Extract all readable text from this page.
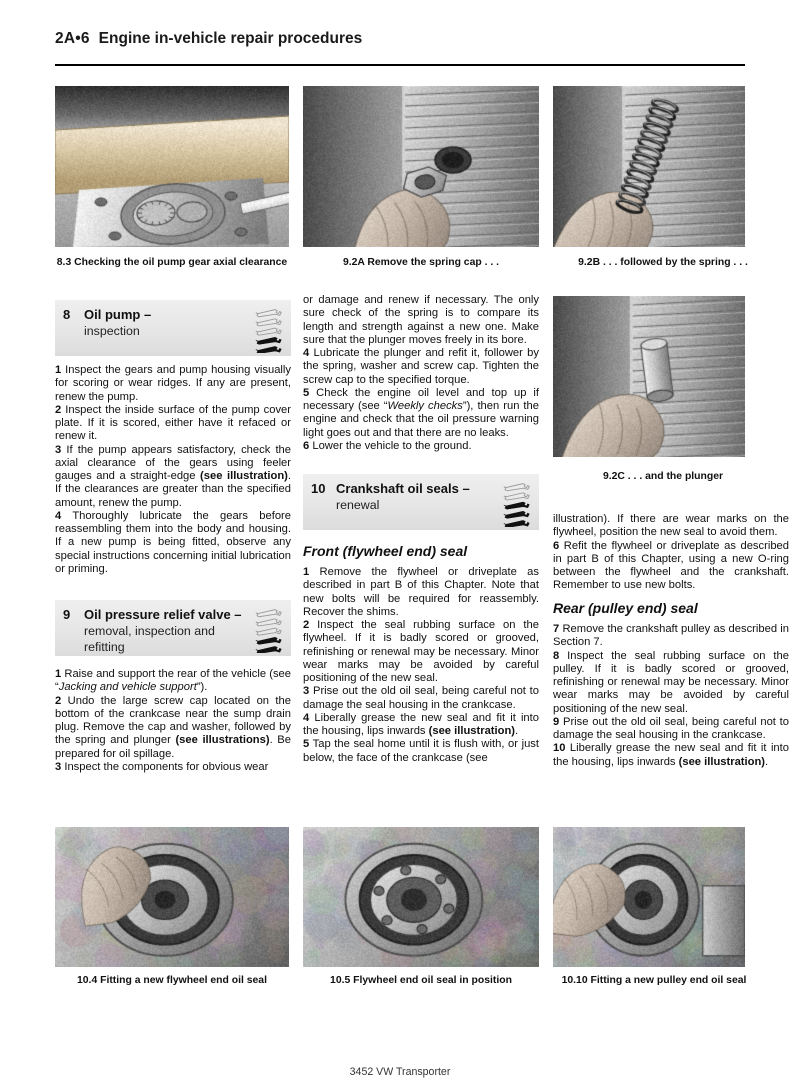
2A•6 Engine in-vehicle repair procedures
8.3 Checking the oil pump gear axial clearance	9.2A Remove the spring cap . . .	9.2B . . . followed by the spring . . .
8	Oil pump –
inspection

1 Inspect the gears and pump housing visually for scoring or wear ridges. If any are present, renew the pump.

2 Inspect the inside surface of the pump cover plate. If it is scored, either have it refaced or renew it.

3 If the pump appears satisfactory, check the axial clearance of the gears using feeler gauges and a straight-edge (see illustration). If the clearances are greater than the specified amount, renew the pump.

4 Thoroughly lubricate the gears before reassembling them into the body and housing. If a new pump is being fitted, observe any special instructions concerning initial lubrication or priming.

9	Oil pressure relief valve –
removal, inspection and refitting

1 Raise and support the rear of the vehicle (see “Jacking and vehicle support”).

2 Undo the large screw cap located on the bottom of the crankcase near the sump drain plug. Remove the cap and washer, followed by the spring and plunger (see illustrations). Be prepared for oil spillage.

3 Inspect the components for obvious wear

or damage and renew if necessary. The only sure check of the spring is to compare its length and strength against a new one. Make sure that the plunger moves freely in its bore.

4 Lubricate the plunger and refit it, follower by the spring, washer and screw cap. Tighten the screw cap to the specified torque.

5 Check the engine oil level and top up if necessary (see “Weekly checks”), then run the engine and check that the oil pressure warning light goes out and that there are no leaks.

6 Lower the vehicle to the ground.

10 Crankshaft oil seals –
renewal
Front (flywheel end) seal

1 Remove the flywheel or driveplate as described in part B of this Chapter. Note that new bolts will be required for reassembly. Recover the shims.

2 Inspect the seal rubbing surface on the flywheel. If it is badly scored or grooved, refinishing or renewal may be necessary. Minor wear marks may be avoided by careful positioning of the new seal.

3 Prise out the old oil seal, being careful not to damage the seal housing in the crankcase.

4 Liberally grease the new seal and fit it into the housing, lips inwards (see illustration).

5 Tap the seal home until it is flush with, or just below, the face of the crankcase (see

9.2C . . . and the plunger

illustration). If there are wear marks on the flywheel, position the new seal to avoid them.

6 Refit the flywheel or driveplate as described in part B of this Chapter, using a new O-ring between the flywheel and the crankshaft. Remember to use new bolts.

Rear (pulley end) seal

7 Remove the crankshaft pulley as described in Section 7.

8 Inspect the seal rubbing surface on the pulley. If it is badly scored or grooved, refinishing or renewal may be necessary. Minor wear marks may be avoided by careful positioning of the new seal.

9 Prise out the old oil seal, being careful not to damage the seal housing in the crankcase.

10 Liberally grease the new seal and fit it into the housing, lips inwards (see illustration).

10.4 Fitting a new flywheel end oil seal	10.5 Flywheel end oil seal in position	10.10 Fitting a new pulley end oil seal
3452 VW Transporter
